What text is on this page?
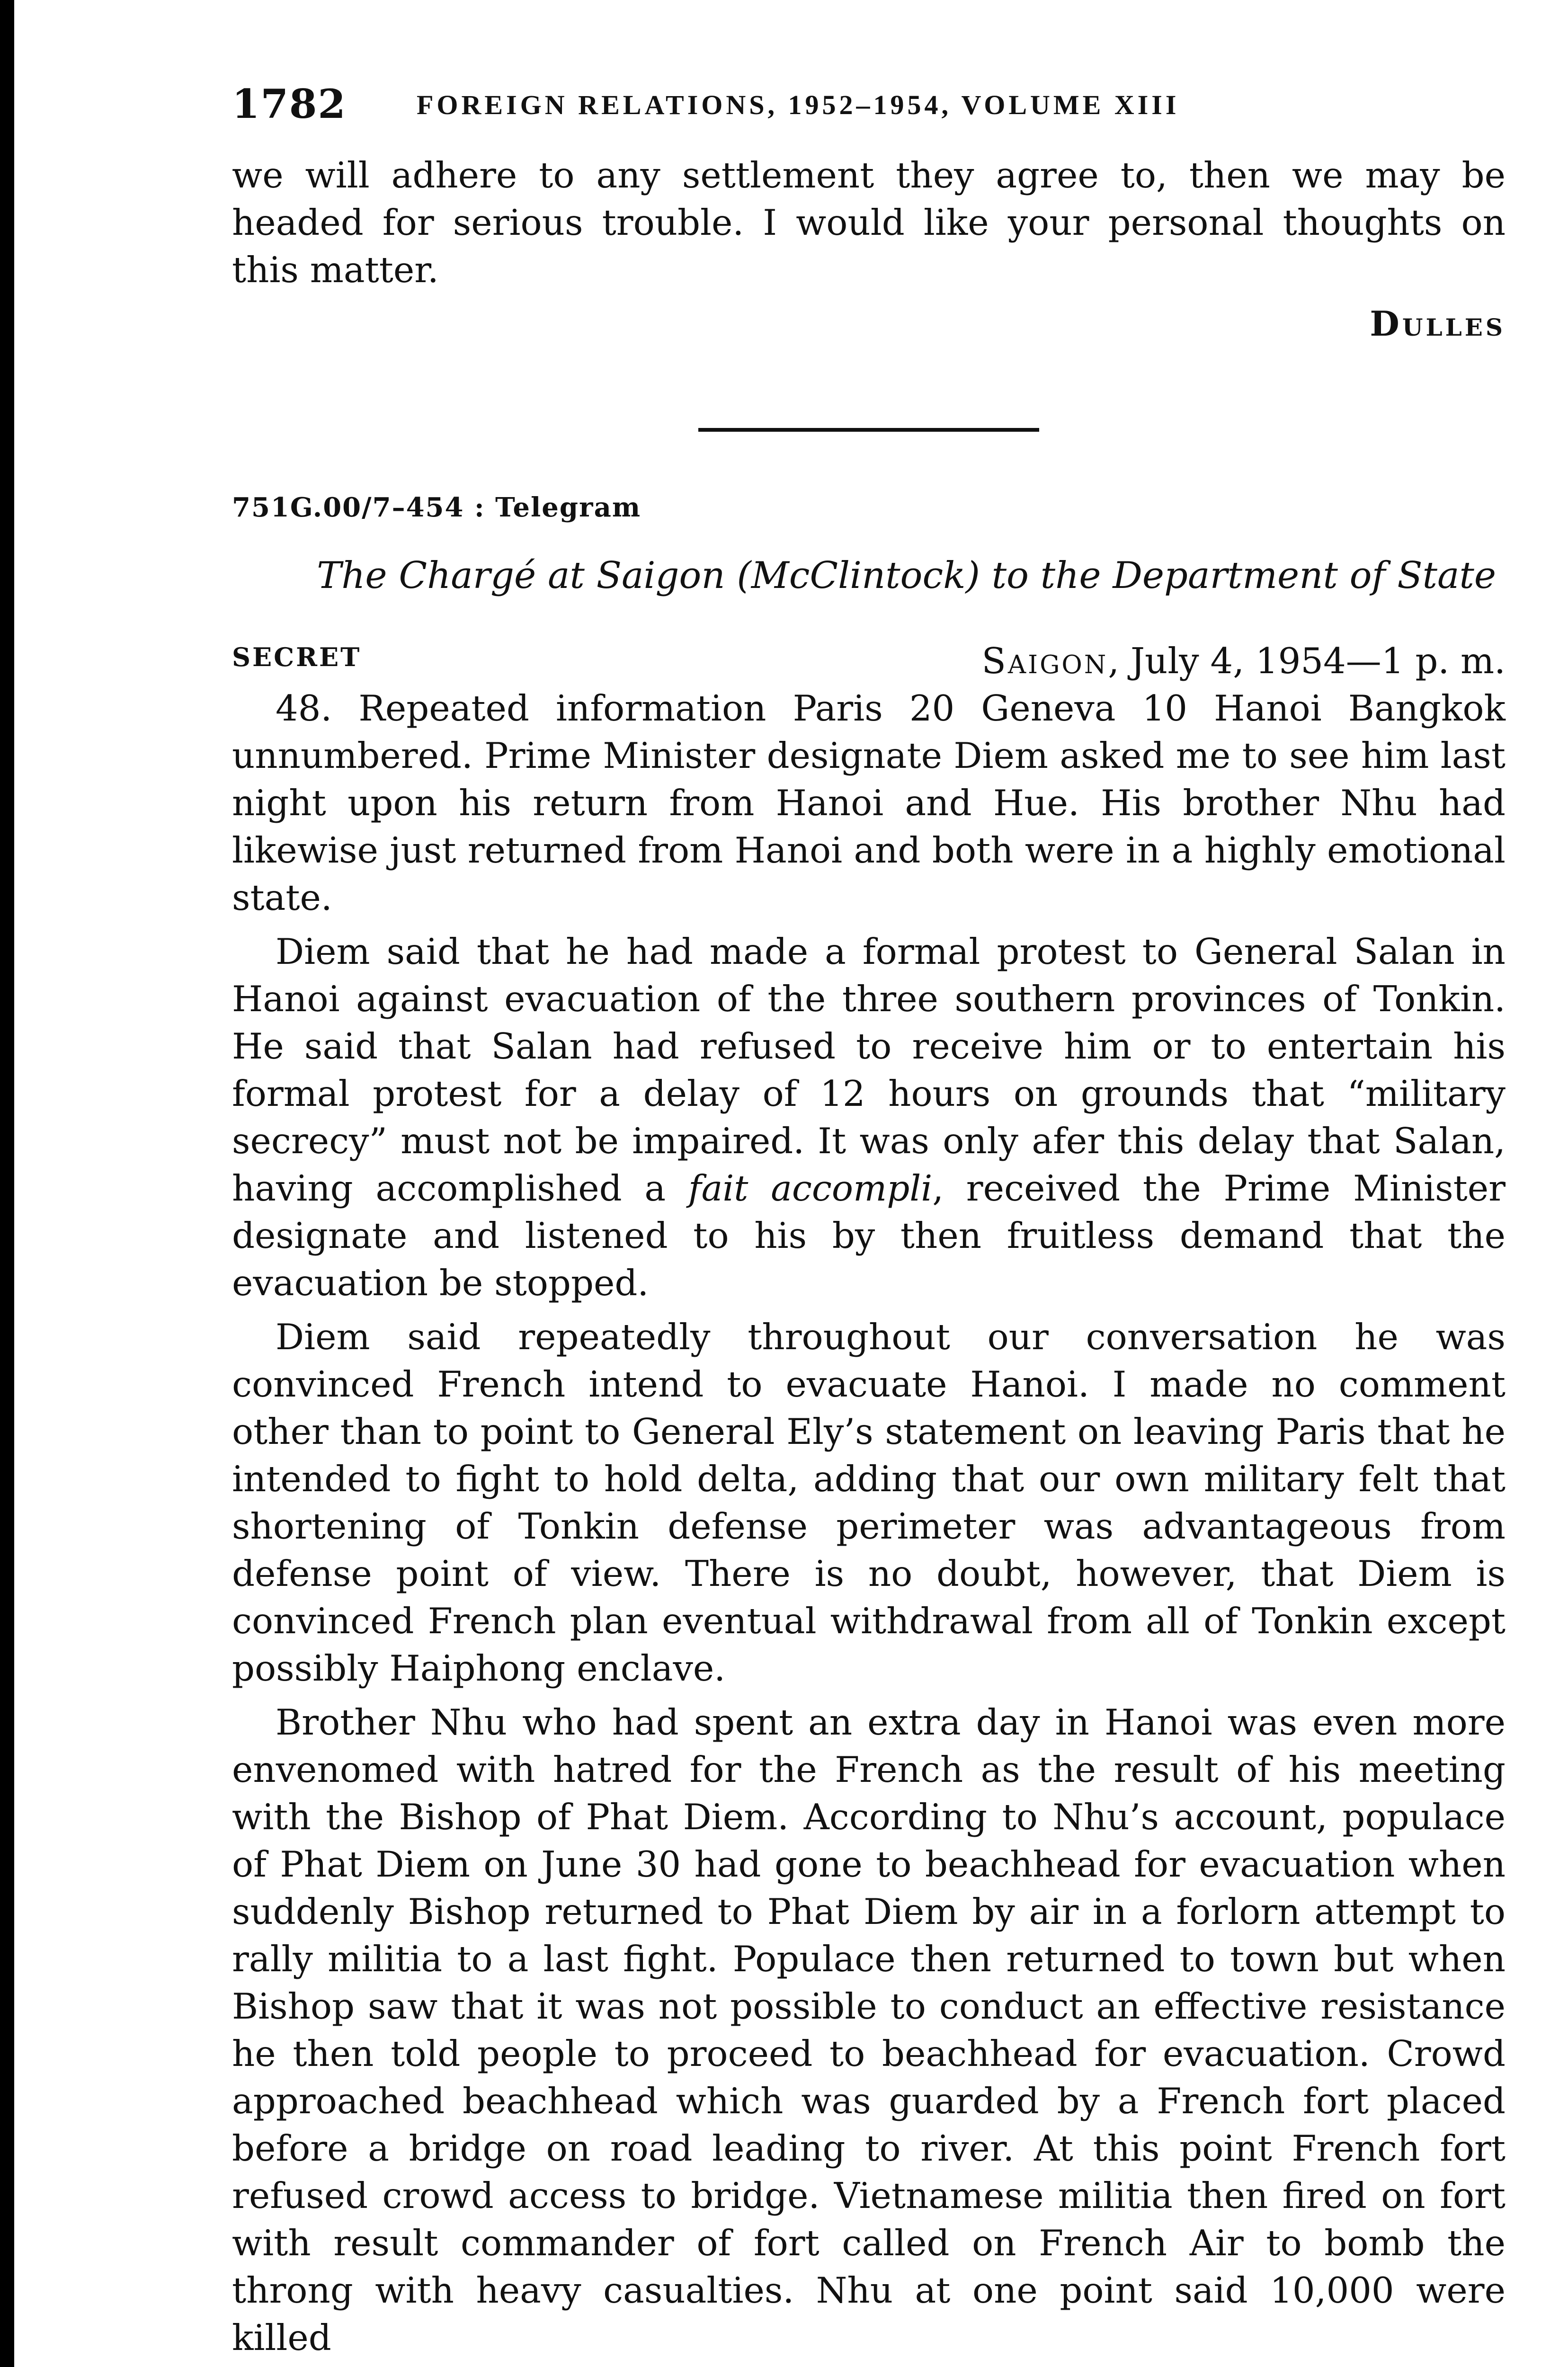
1782	FOREIGN RELATIONS, 1952–1954, VOLUME XIII

we will adhere to any settlement they agree to, then we may be headed for serious trouble. I would like your personal thoughts on this matter.

Dulles
751G.00/7–454 : Telegram
The Chargé at Saigon (McClintock) to the Department of State
SECRET	Saigon, July 4, 1954—1 p. m.

48. Repeated information Paris 20 Geneva 10 Hanoi Bangkok unnumbered. Prime Minister designate Diem asked me to see him last night upon his return from Hanoi and Hue. His brother Nhu had likewise just returned from Hanoi and both were in a highly emotional state.

Diem said that he had made a formal protest to General Salan in Hanoi against evacuation of the three southern provinces of Tonkin. He said that Salan had refused to receive him or to entertain his formal protest for a delay of 12 hours on grounds that “military secrecy” must not be impaired. It was only afer this delay that Salan, having accomplished a fait accompli, received the Prime Minister designate and listened to his by then fruitless demand that the evacuation be stopped.

Diem said repeatedly throughout our conversation he was convinced French intend to evacuate Hanoi. I made no comment other than to point to General Ely’s statement on leaving Paris that he intended to fight to hold delta, adding that our own military felt that shortening of Tonkin defense perimeter was advantageous from defense point of view. There is no doubt, however, that Diem is convinced French plan eventual withdrawal from all of Tonkin except possibly Haiphong enclave.

Brother Nhu who had spent an extra day in Hanoi was even more envenomed with hatred for the French as the result of his meeting with the Bishop of Phat Diem. According to Nhu’s account, populace of Phat Diem on June 30 had gone to beachhead for evacuation when suddenly Bishop returned to Phat Diem by air in a forlorn attempt to rally militia to a last fight. Populace then returned to town but when Bishop saw that it was not possible to conduct an effective resistance he then told people to proceed to beachhead for evacuation. Crowd approached beachhead which was guarded by a French fort placed before a bridge on road leading to river. At this point French fort refused crowd access to bridge. Vietnamese militia then fired on fort with result commander of fort called on French Air to bomb the throng with heavy casualties. Nhu at one point said 10,000 were killed
